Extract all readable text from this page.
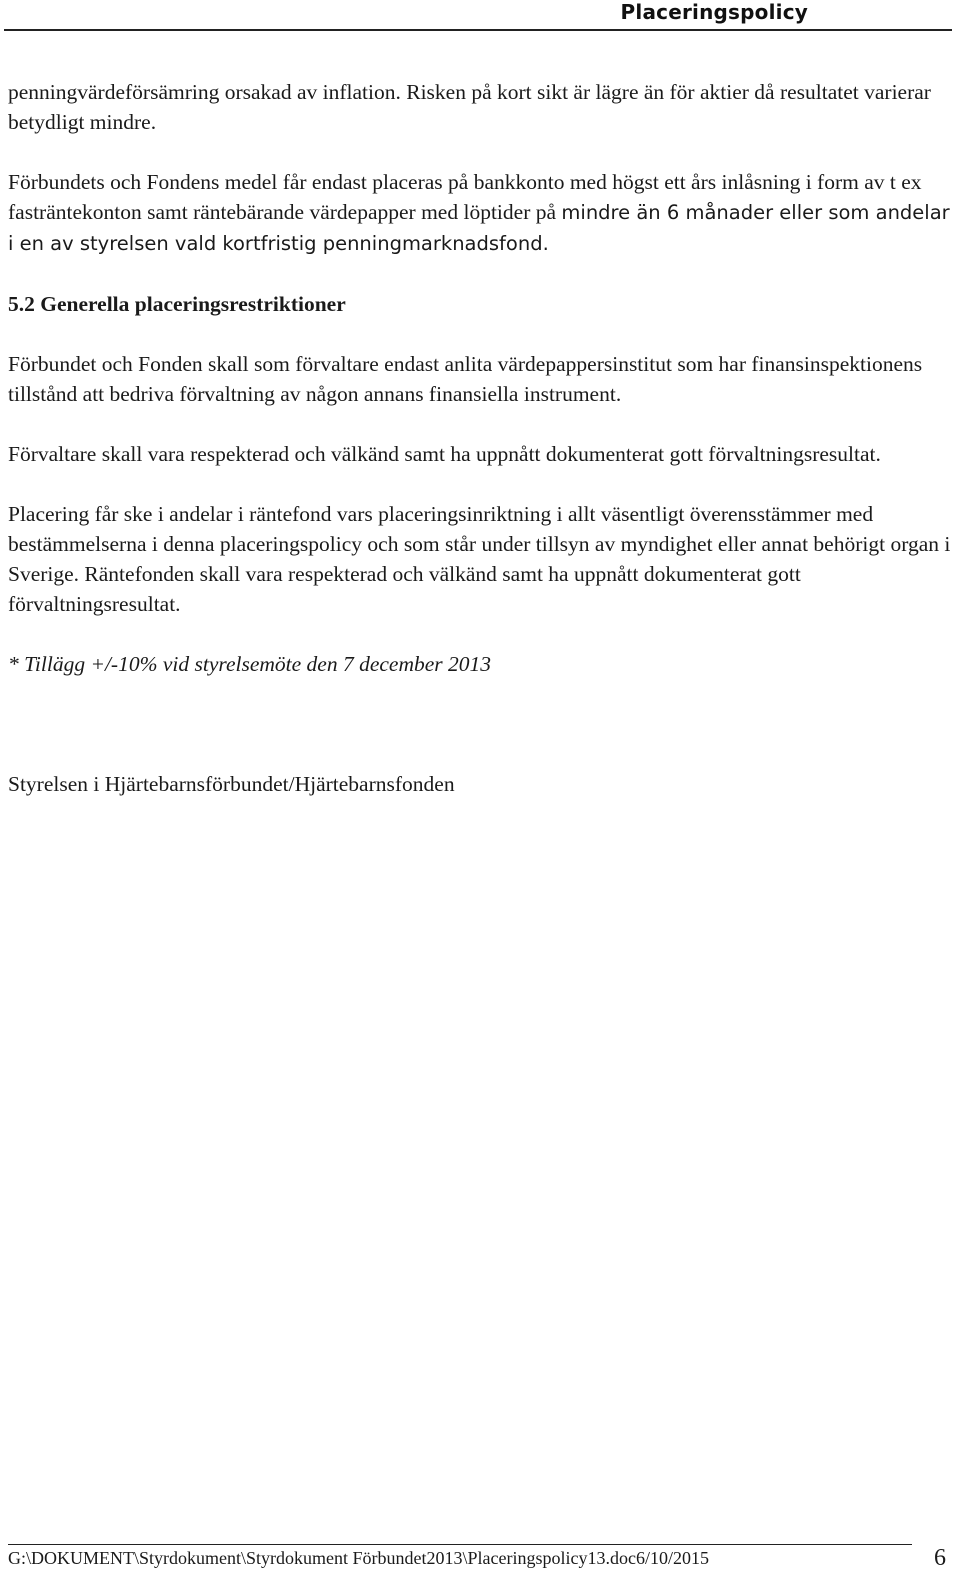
Placeringspolicy

penningvärdeförsämring orsakad av inflation. Risken på kort sikt är lägre än för aktier då resultatet varierar betydligt mindre.

Förbundets och Fondens medel får endast placeras på bankkonto med högst ett års inlåsning i form av t ex fasträntekonton samt räntebärande värdepapper med löptider på mindre än 6 månader eller som andelar i en av styrelsen vald kortfristig penningmarknadsfond.

5.2 Generella placeringsrestriktioner

Förbundet och Fonden skall som förvaltare endast anlita värdepappersinstitut som har finansinspektionens tillstånd att bedriva förvaltning av någon annans finansiella instrument.

Förvaltare skall vara respekterad och välkänd samt ha uppnått dokumenterat gott förvaltningsresultat.

Placering får ske i andelar i räntefond vars placeringsinriktning i allt väsentligt överensstämmer med bestämmelserna i denna placeringspolicy och som står under tillsyn av myndighet eller annat behörigt organ i Sverige. Räntefonden skall vara respekterad och välkänd samt ha uppnått dokumenterat gott förvaltningsresultat.

* Tillägg +/-10% vid styrelsemöte den 7 december 2013

Styrelsen i Hjärtebarnsförbundet/Hjärtebarnsfonden

G:\DOKUMENT\Styrdokument\Styrdokument Förbundet2013\Placeringspolicy13.doc6/10/2015	6
